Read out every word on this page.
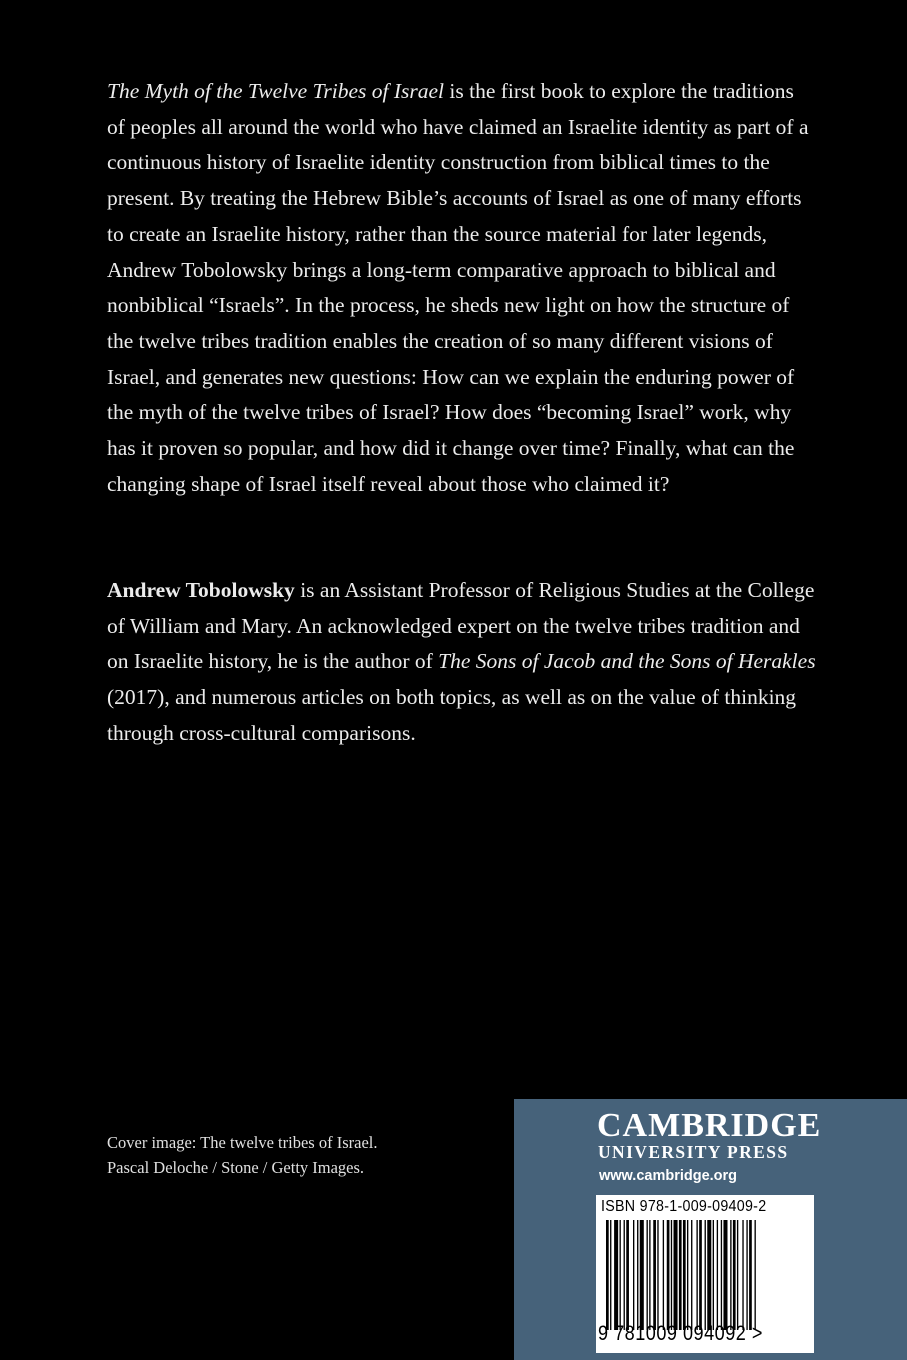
The Myth of the Twelve Tribes of Israel is the first book to explore the traditions of peoples all around the world who have claimed an Israelite identity as part of a continuous history of Israelite identity construction from biblical times to the present. By treating the Hebrew Bible’s accounts of Israel as one of many efforts to create an Israelite history, rather than the source material for later legends, Andrew Tobolowsky brings a long-term comparative approach to biblical and nonbiblical “Israels”. In the process, he sheds new light on how the structure of the twelve tribes tradition enables the creation of so many different visions of Israel, and generates new questions: How can we explain the enduring power of the myth of the twelve tribes of Israel? How does “becoming Israel” work, why has it proven so popular, and how did it change over time? Finally, what can the changing shape of Israel itself reveal about those who claimed it?

Andrew Tobolowsky is an Assistant Professor of Religious Studies at the College of William and Mary. An acknowledged expert on the twelve tribes tradition and on Israelite history, he is the author of The Sons of Jacob and the Sons of Herakles (2017), and numerous articles on both topics, as well as on the value of thinking through cross-cultural comparisons.

Cover image: The twelve tribes of Israel.
Pascal Deloche / Stone / Getty Images.
CAMBRIDGE
UNIVERSITY PRESS
www.cambridge.org
ISBN 978-1-009-09409-2
9 781009 094092 >
